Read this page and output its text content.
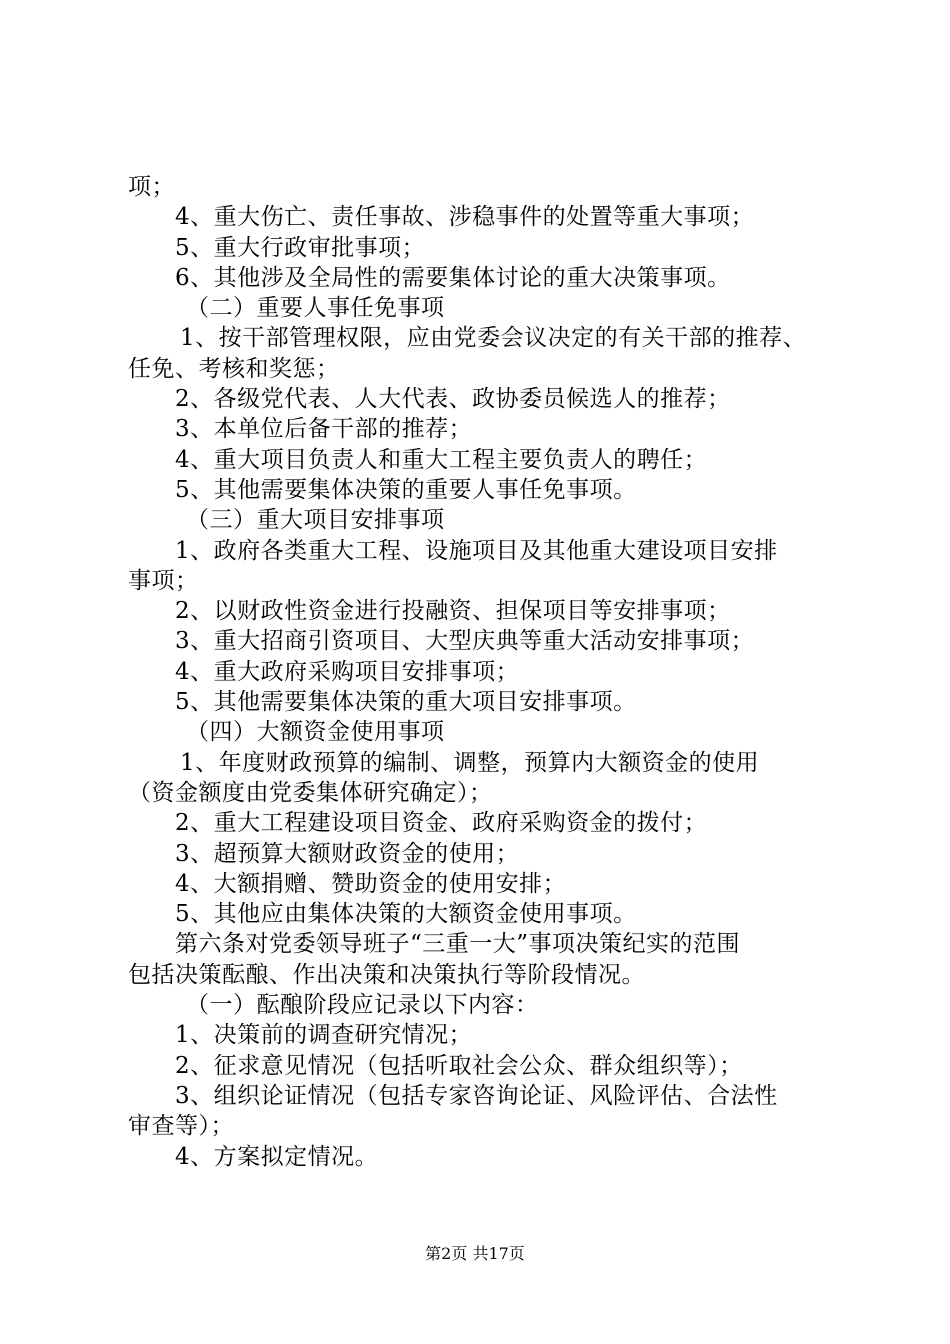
项；
4、重大伤亡、责任事故、涉稳事件的处置等重大事项；
5、重大行政审批事项；
6、其他涉及全局性的需要集体讨论的重大决策事项。
（二）重要人事任免事项
1、按干部管理权限，应由党委会议决定的有关干部的推荐、
任免、考核和奖惩；
2、各级党代表、人大代表、政协委员候选人的推荐；
3、本单位后备干部的推荐；
4、重大项目负责人和重大工程主要负责人的聘任；
5、其他需要集体决策的重要人事任免事项。
（三）重大项目安排事项
1、政府各类重大工程、设施项目及其他重大建设项目安排
事项；
2、以财政性资金进行投融资、担保项目等安排事项；
3、重大招商引资项目、大型庆典等重大活动安排事项；
4、重大政府采购项目安排事项；
5、其他需要集体决策的重大项目安排事项。
（四）大额资金使用事项
1、年度财政预算的编制、调整，预算内大额资金的使用
（资金额度由党委集体研究确定）；
2、重大工程建设项目资金、政府采购资金的拨付；
3、超预算大额财政资金的使用；
4、大额捐赠、赞助资金的使用安排；
5、其他应由集体决策的大额资金使用事项。
第六条对党委领导班子“三重一大”事项决策纪实的范围
包括决策酝酿、作出决策和决策执行等阶段情况。
（一）酝酿阶段应记录以下内容：
1、决策前的调查研究情况；
2、征求意见情况（包括听取社会公众、群众组织等）；
3、组织论证情况（包括专家咨询论证、风险评估、合法性
审查等）；
4、方案拟定情况。
第2页 共17页
